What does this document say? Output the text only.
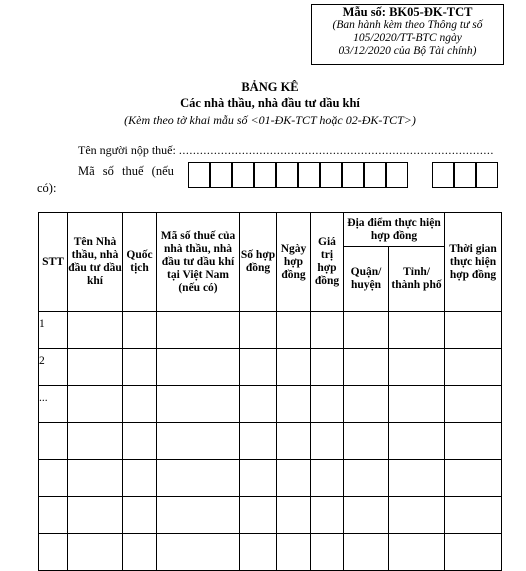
Mẫu số: BK05-ĐK-TCT
(Ban hành kèm theo Thông tư số
105/2020/TT-BTC ngày
03/12/2020 của Bộ Tài chính)
BẢNG KÊ
Các nhà thầu, nhà đầu tư dầu khí
(Kèm theo tờ khai mẫu số <01-ĐK-TCT hoặc 02-ĐK-TCT>)
Tên người nộp thuế: ..........................................................................................
Mã số thuế (nếu
có):
STT	Tên Nhà thầu, nhà đầu tư dầu khí	Quốc tịch	Mã số thuế của nhà thầu, nhà đầu tư dầu khí tại Việt Nam (nếu có)	Số hợp đồng	Ngày hợp đồng	Giá trị hợp đồng	Địa điểm thực hiện hợp đồng		Thời gian thực hiện hợp đồng
							Quận/ huyện	Tỉnh/ thành phố	
1									
2									
...									
